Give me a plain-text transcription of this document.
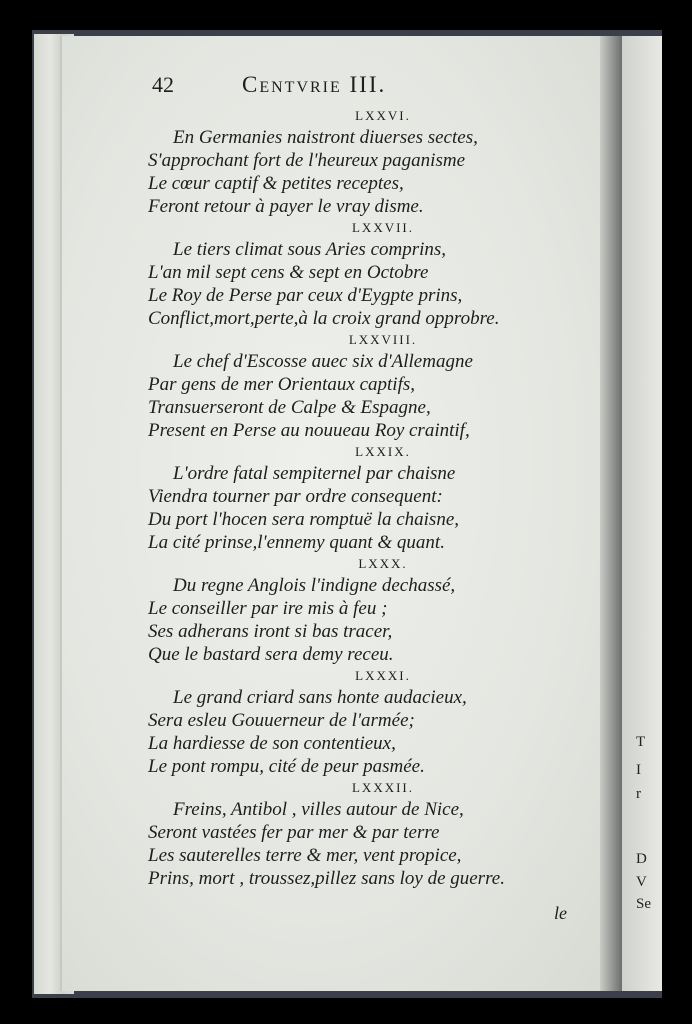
T
I
r
D
V
Se
42	Centvrie III.
LXXVI.
En Germanies naistront diuerses sectes,
S'approchant fort de l'heureux paganisme
Le cœur captif & petites receptes,
Feront retour à payer le vray disme.
LXXVII.
Le tiers climat sous Aries comprins,
L'an mil sept cens & sept en Octobre
Le Roy de Perse par ceux d'Eygpte prins,
Conflict,mort,perte,à la croix grand opprobre.
LXXVIII.
Le chef d'Escosse auec six d'Allemagne
Par gens de mer Orientaux captifs,
Transuerseront de Calpe & Espagne,
Present en Perse au nouueau Roy craintif,
LXXIX.
L'ordre fatal sempiternel par chaisne
Viendra tourner par ordre consequent:
Du port l'hocen sera romptuë la chaisne,
La cité prinse,l'ennemy quant & quant.
LXXX.
Du regne Anglois l'indigne dechassé,
Le conseiller par ire mis à feu ;
Ses adherans iront si bas tracer,
Que le bastard sera demy receu.
LXXXI.
Le grand criard sans honte audacieux,
Sera esleu Gouuerneur de l'armée;
La hardiesse de son contentieux,
Le pont rompu, cité de peur pasmée.
LXXXII.
Freins, Antibol , villes autour de Nice,
Seront vastées fer par mer & par terre
Les sauterelles terre & mer, vent propice,
Prins, mort , troussez,pillez sans loy de guerre.
le
